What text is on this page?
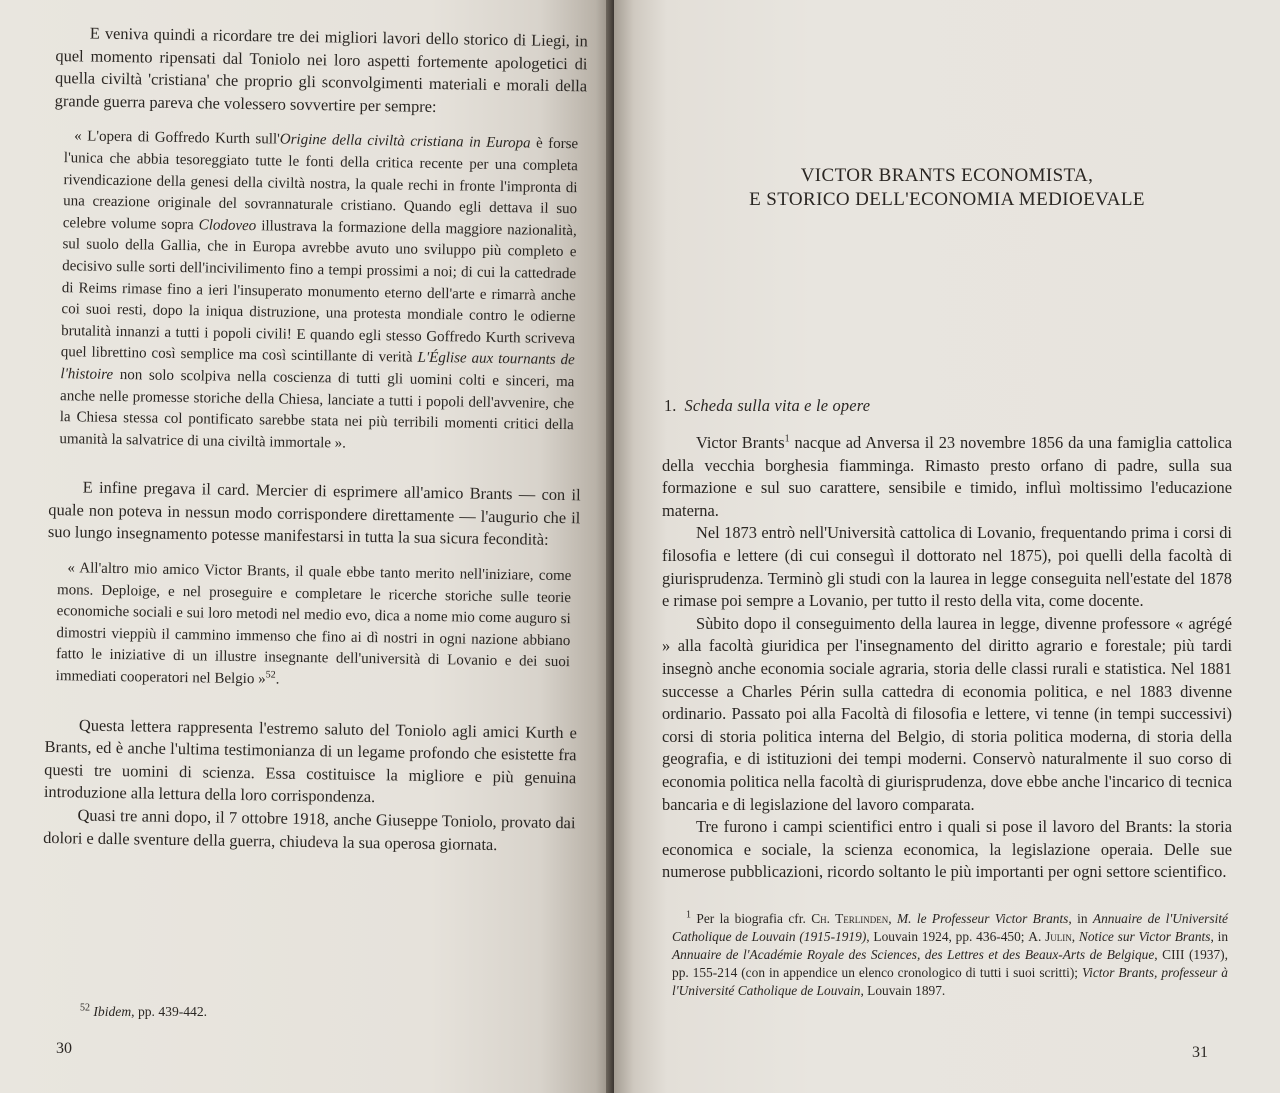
E veniva quindi a ricordare tre dei migliori lavori dello storico di Liegi, in quel momento ripensati dal Toniolo nei loro aspetti fortemente apologetici di quella civiltà 'cristiana' che proprio gli sconvolgimenti materiali e morali della grande guerra pareva che volessero sovvertire per sempre:

« L'opera di Goffredo Kurth sull'Origine della civiltà cristiana in Europa è forse l'unica che abbia tesoreggiato tutte le fonti della critica recente per una completa rivendicazione della genesi della civiltà nostra, la quale rechi in fronte l'impronta di una creazione originale del sovrannaturale cristiano. Quando egli dettava il suo celebre volume sopra Clodoveo illustrava la formazione della maggiore nazionalità, sul suolo della Gallia, che in Europa avrebbe avuto uno sviluppo più completo e decisivo sulle sorti dell'incivilimento fino a tempi prossimi a noi; di cui la cattedrade di Reims rimase fino a ieri l'insuperato monumento eterno dell'arte e rimarrà anche coi suoi resti, dopo la iniqua distruzione, una protesta mondiale contro le odierne brutalità innanzi a tutti i popoli civili! E quando egli stesso Goffredo Kurth scriveva quel librettino così semplice ma così scintillante di verità L'Église aux tournants de l'histoire non solo scolpiva nella coscienza di tutti gli uomini colti e sinceri, ma anche nelle promesse storiche della Chiesa, lanciate a tutti i popoli dell'avvenire, che la Chiesa stessa col pontificato sarebbe stata nei più terribili momenti critici della umanità la salvatrice di una civiltà immortale ».

E infine pregava il card. Mercier di esprimere all'amico Brants — con il quale non poteva in nessun modo corrispondere direttamente — l'augurio che il suo lungo insegnamento potesse manifestarsi in tutta la sua sicura fecondità:

« All'altro mio amico Victor Brants, il quale ebbe tanto merito nell'iniziare, come mons. Deploige, e nel proseguire e completare le ricerche storiche sulle teorie economiche sociali e sui loro metodi nel medio evo, dica a nome mio come auguro si dimostri vieppiù il cammino immenso che fino ai dì nostri in ogni nazione abbiano fatto le iniziative di un illustre insegnante dell'università di Lovanio e dei suoi immediati cooperatori nel Belgio »$^{52}$.

Questa lettera rappresenta l'estremo saluto del Toniolo agli amici Kurth e Brants, ed è anche l'ultima testimonianza di un legame profondo che esistette fra questi tre uomini di scienza. Essa costituisce la migliore e più genuina introduzione alla lettura della loro corrispondenza.

Quasi tre anni dopo, il 7 ottobre 1918, anche Giuseppe Toniolo, provato dai dolori e dalle sventure della guerra, chiudeva la sua operosa giornata.

$^{52}$ Ibidem, pp. 439-442.
30
VICTOR BRANTS ECONOMISTA,
E STORICO DELL'ECONOMIA MEDIOEVALE
1. Scheda sulla vita e le opere

Victor Brants$^1$ nacque ad Anversa il 23 novembre 1856 da una famiglia cattolica della vecchia borghesia fiamminga. Rimasto presto orfano di padre, sulla sua formazione e sul suo carattere, sensibile e timido, influì moltissimo l'educazione materna.

Nel 1873 entrò nell'Università cattolica di Lovanio, frequentando prima i corsi di filosofia e lettere (di cui conseguì il dottorato nel 1875), poi quelli della facoltà di giurisprudenza. Terminò gli studi con la laurea in legge conseguita nell'estate del 1878 e rimase poi sempre a Lovanio, per tutto il resto della vita, come docente.

Sùbito dopo il conseguimento della laurea in legge, divenne professore « agrégé » alla facoltà giuridica per l'insegnamento del diritto agrario e forestale; più tardi insegnò anche economia sociale agraria, storia delle classi rurali e statistica. Nel 1881 successe a Charles Périn sulla cattedra di economia politica, e nel 1883 divenne ordinario. Passato poi alla Facoltà di filosofia e lettere, vi tenne (in tempi successivi) corsi di storia politica interna del Belgio, di storia politica moderna, di storia della geografia, e di istituzioni dei tempi moderni. Conservò naturalmente il suo corso di economia politica nella facoltà di giurisprudenza, dove ebbe anche l'incarico di tecnica bancaria e di legislazione del lavoro comparata.

Tre furono i campi scientifici entro i quali si pose il lavoro del Brants: la storia economica e sociale, la scienza economica, la legislazione operaia. Delle sue numerose pubblicazioni, ricordo soltanto le più importanti per ogni settore scientifico.

$^1$ Per la biografia cfr. Ch. Terlinden, M. le Professeur Victor Brants, in Annuaire de l'Université Catholique de Louvain (1915-1919), Louvain 1924, pp. 436-450; A. Julin, Notice sur Victor Brants, in Annuaire de l'Académie Royale des Sciences, des Lettres et des Beaux-Arts de Belgique, CIII (1937), pp. 155-214 (con in appendice un elenco cronologico di tutti i suoi scritti); Victor Brants, professeur à l'Université Catholique de Louvain, Louvain 1897.

31
